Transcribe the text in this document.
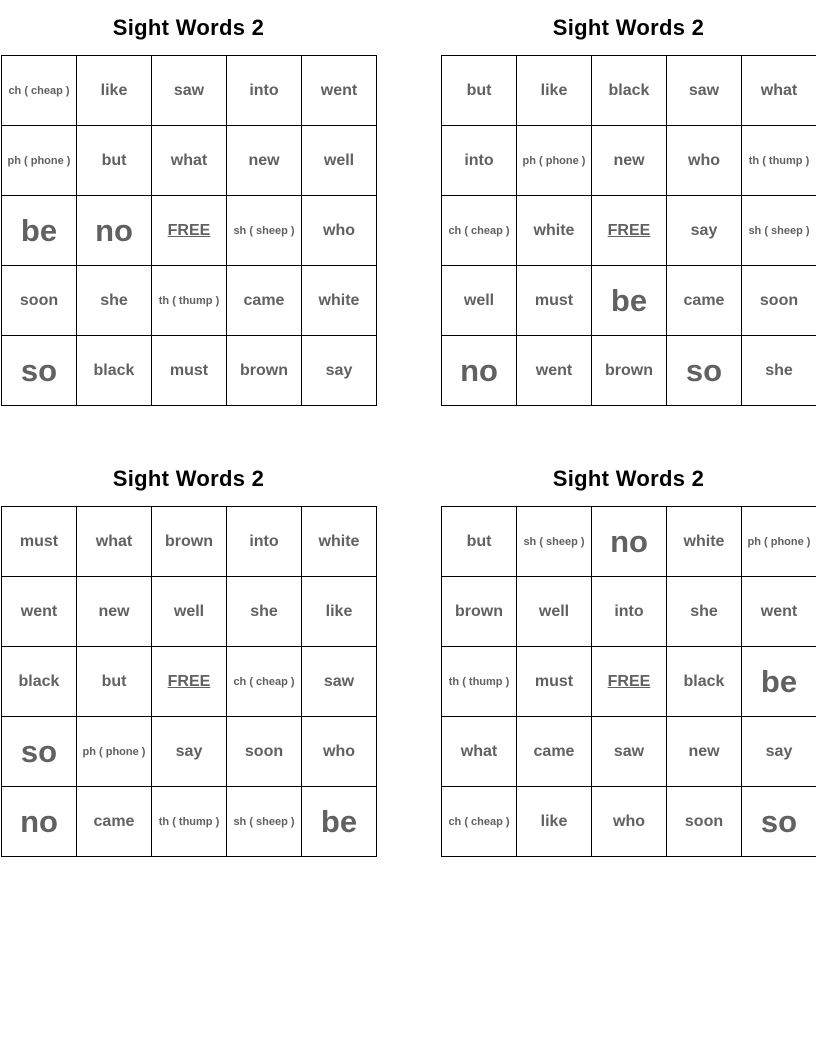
Sight Words 2
ch ( cheap )	like	saw	into	went
ph ( phone )	but	what	new	well
be	no	FREE	sh ( sheep )	who
soon	she	th ( thump )	came	white
so	black	must	brown	say
Sight Words 2
but	like	black	saw	what
into	ph ( phone )	new	who	th ( thump )
ch ( cheap )	white	FREE	say	sh ( sheep )
well	must	be	came	soon
no	went	brown	so	she
Sight Words 2
must	what	brown	into	white
went	new	well	she	like
black	but	FREE	ch ( cheap )	saw
so	ph ( phone )	say	soon	who
no	came	th ( thump )	sh ( sheep )	be
Sight Words 2
but	sh ( sheep )	no	white	ph ( phone )
brown	well	into	she	went
th ( thump )	must	FREE	black	be
what	came	saw	new	say
ch ( cheap )	like	who	soon	so
